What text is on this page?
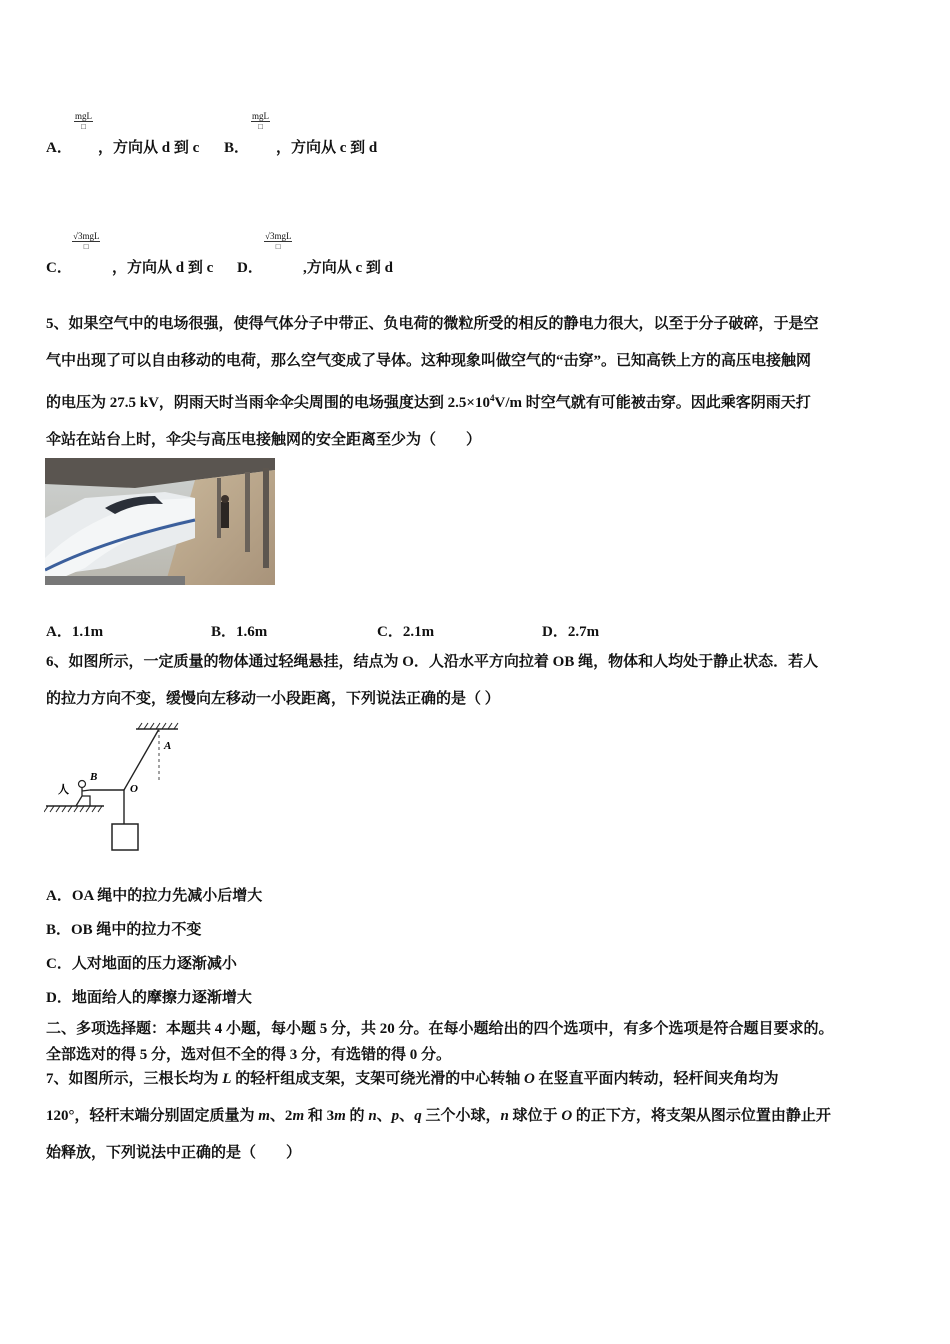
A．
mgL
□
，方向从 d 到 c B．
mgL
□
，方向从 c 到 d
C．
√3mgL
□
，方向从 d 到 c D．
√3mgL
□
,方向从 c 到 d
5、如果空气中的电场很强，使得气体分子中带正、负电荷的微粒所受的相反的静电力很大，以至于分子破碎，于是空
气中出现了可以自由移动的电荷，那么空气变成了导体。这种现象叫做空气的“击穿”。已知高铁上方的高压电接触网
的电压为 27.5 kV，阴雨天时当雨伞伞尖周围的电场强度达到 $2.5\times 10^4V/m$ 时空气就有可能被击穿。因此乘客阴雨天打
伞站在站台上时，伞尖与高压电接触网的安全距离至少为（　　）
A．1.1m	B．1.6m	C．2.1m	D．2.7m
6、如图所示，一定质量的物体通过轻绳悬挂，结点为 O．人沿水平方向拉着 OB 绳，物体和人均处于静止状态．若人
的拉力方向不变，缓慢向左移动一小段距离，下列说法正确的是（ ）
A
B
O
人
A．OA 绳中的拉力先减小后增大
B．OB 绳中的拉力不变
C．人对地面的压力逐渐减小
D．地面给人的摩擦力逐渐增大
二、多项选择题：本题共 4 小题，每小题 5 分，共 20 分。在每小题给出的四个选项中，有多个选项是符合题目要求的。
全部选对的得 5 分，选对但不全的得 3 分，有选错的得 0 分。
7、如图所示，三根长均为 L 的轻杆组成支架，支架可绕光滑的中心转轴 O 在竖直平面内转动，轻杆间夹角均为
120°，轻杆末端分别固定质量为 m、2m 和 3m 的 n、p、q 三个小球，n 球位于 O 的正下方，将支架从图示位置由静止开
始释放，下列说法中正确的是（　　）
